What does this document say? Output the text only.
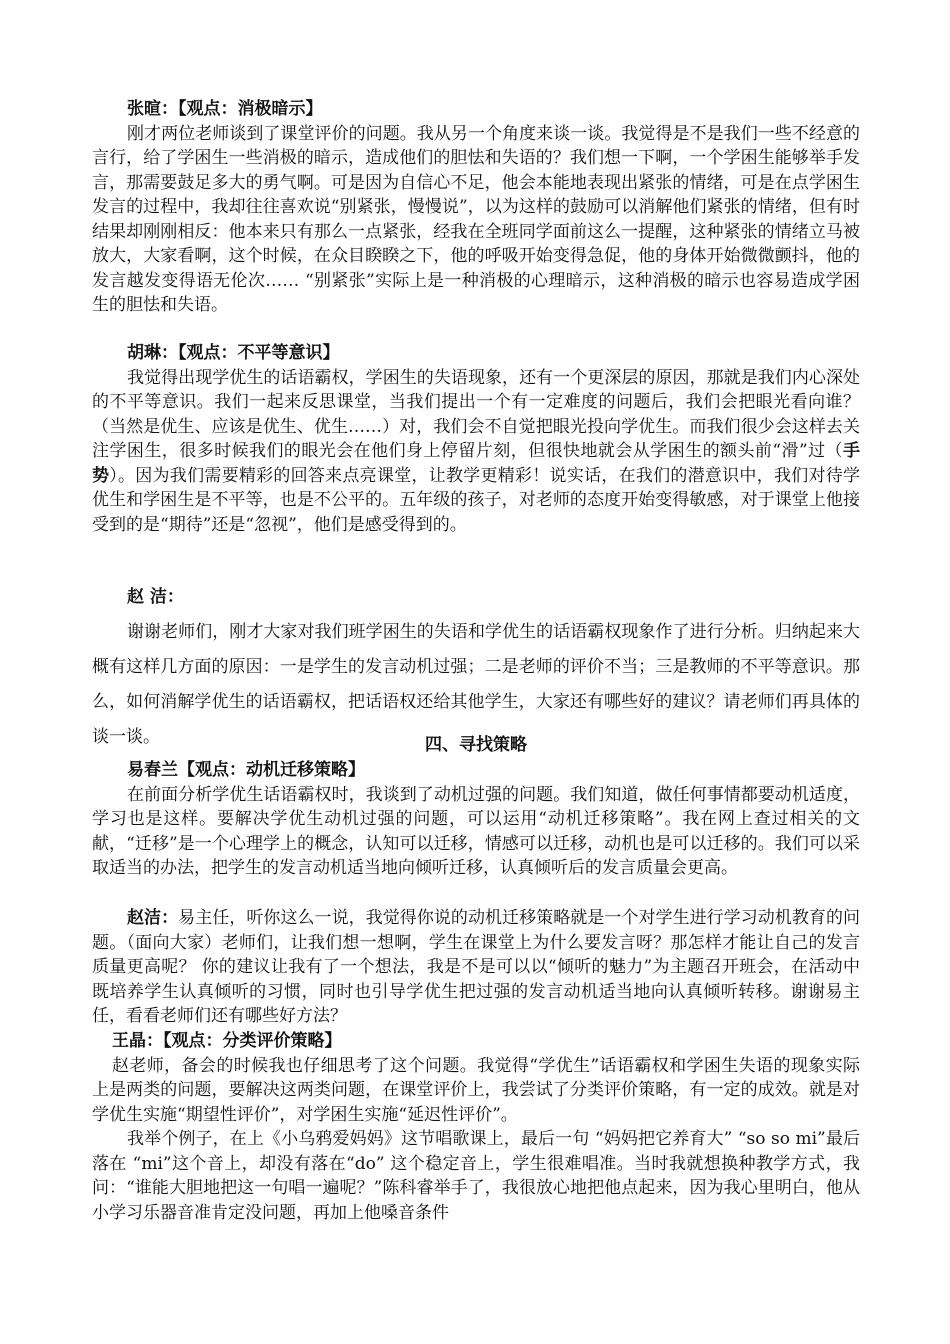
张暄：【观点：消极暗示】

刚才两位老师谈到了课堂评价的问题。我从另一个角度来谈一谈。我觉得是不是我们一些不经意的言行，给了学困生一些消极的暗示，造成他们的胆怯和失语的？我们想一下啊，一个学困生能够举手发言，那需要鼓足多大的勇气啊。可是因为自信心不足，他会本能地表现出紧张的情绪，可是在点学困生发言的过程中，我却往往喜欢说“别紧张，慢慢说”，以为这样的鼓励可以消解他们紧张的情绪，但有时结果却刚刚相反：他本来只有那么一点紧张，经我在全班同学面前这么一提醒，这种紧张的情绪立马被放大，大家看啊，这个时候，在众目睽睽之下，他的呼吸开始变得急促，他的身体开始微微颤抖，他的发言越发变得语无伦次…… “别紧张”实际上是一种消极的心理暗示，这种消极的暗示也容易造成学困生的胆怯和失语。

胡琳：【观点：不平等意识】

我觉得出现学优生的话语霸权，学困生的失语现象，还有一个更深层的原因，那就是我们内心深处的不平等意识。我们一起来反思课堂，当我们提出一个有一定难度的问题后，我们会把眼光看向谁？（当然是优生、应该是优生、优生……）对，我们会不自觉把眼光投向学优生。而我们很少会这样去关注学困生，很多时候我们的眼光会在他们身上停留片刻，但很快地就会从学困生的额头前“滑”过（手势）。因为我们需要精彩的回答来点亮课堂，让教学更精彩！说实话，在我们的潜意识中，我们对待学优生和学困生是不平等，也是不公平的。五年级的孩子，对老师的态度开始变得敏感，对于课堂上他接受到的是“期待”还是“忽视”，他们是感受得到的。

赵 洁：

谢谢老师们，刚才大家对我们班学困生的失语和学优生的话语霸权现象作了进行分析。归纳起来大概有这样几方面的原因：一是学生的发言动机过强；二是老师的评价不当；三是教师的不平等意识。那么，如何消解学优生的话语霸权，把话语权还给其他学生，大家还有哪些好的建议？请老师们再具体的谈一谈。	四、寻找策略

易春兰【观点：动机迁移策略】

在前面分析学优生话语霸权时，我谈到了动机过强的问题。我们知道，做任何事情都要动机适度，学习也是这样。要解决学优生动机过强的问题，可以运用“动机迁移策略”。我在网上查过相关的文献，“迁移”是一个心理学上的概念，认知可以迁移，情感可以迁移，动机也是可以迁移的。我们可以采取适当的办法，把学生的发言动机适当地向倾听迁移，认真倾听后的发言质量会更高。

赵洁：易主任，听你这么一说，我觉得你说的动机迁移策略就是一个对学生进行学习动机教育的问题。（面向大家）老师们，让我们想一想啊，学生在课堂上为什么要发言呀？那怎样才能让自己的发言质量更高呢？ 你的建议让我有了一个想法，我是不是可以以“倾听的魅力”为主题召开班会，在活动中既培养学生认真倾听的习惯，同时也引导学优生把过强的发言动机适当地向认真倾听转移。谢谢易主任，看看老师们还有哪些好方法？

王晶：【观点：分类评价策略】

赵老师，备会的时候我也仔细思考了这个问题。我觉得“学优生”话语霸权和学困生失语的现象实际上是两类的问题，要解决这两类问题，在课堂评价上，我尝试了分类评价策略，有一定的成效。就是对学优生实施“期望性评价”，对学困生实施“延迟性评价”。

我举个例子，在上《小乌鸦爱妈妈》这节唱歌课上，最后一句 “妈妈把它养育大” “so so mi”最后落在 “mi”这个音上，却没有落在“do” 这个稳定音上，学生很难唱准。当时我就想换种教学方式，我问：“谁能大胆地把这一句唱一遍呢？”陈科睿举手了，我很放心地把他点起来，因为我心里明白，他从小学习乐器音准肯定没问题，再加上他嗓音条件
